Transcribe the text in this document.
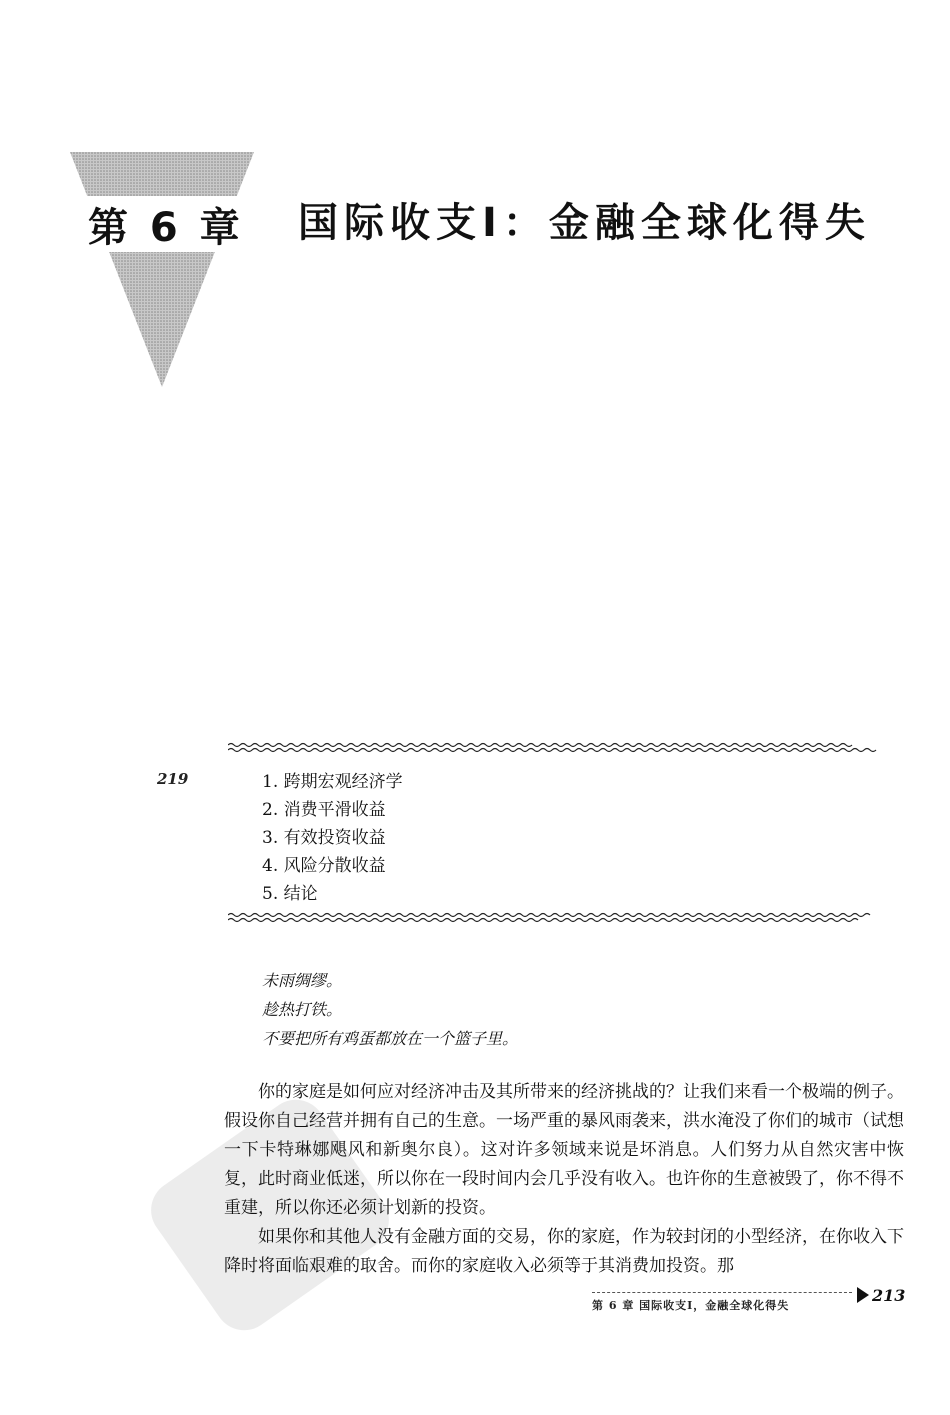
第 6 章 国际收支Ⅰ：金融全球化得失
219	1. 跨期宏观经济学
2. 消费平滑收益
3. 有效投资收益
4. 风险分散收益
5. 结论
未雨绸缪。
趁热打铁。
不要把所有鸡蛋都放在一个篮子里。

你的家庭是如何应对经济冲击及其所带来的经济挑战的？让我们来看一个极端的例子。假设你自己经营并拥有自己的生意。一场严重的暴风雨袭来，洪水淹没了你们的城市（试想一下卡特琳娜飓风和新奥尔良）。这对许多领域来说是坏消息。人们努力从自然灾害中恢复，此时商业低迷，所以你在一段时间内会几乎没有收入。也许你的生意被毁了，你不得不重建，所以你还必须计划新的投资。

如果你和其他人没有金融方面的交易，你的家庭，作为较封闭的小型经济，在你收入下降时将面临艰难的取舍。而你的家庭收入必须等于其消费加投资。那

第 6 章 国际收支Ⅰ，金融全球化得失
213
